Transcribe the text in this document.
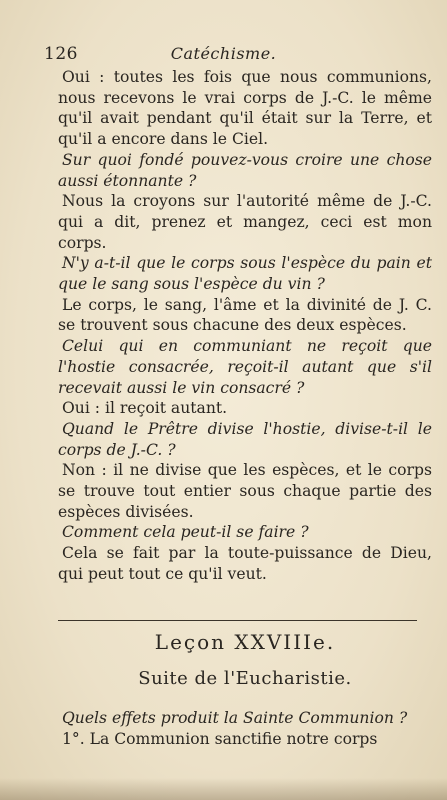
126	Catéchisme.

Oui : toutes les fois que nous communions, nous recevons le vrai corps de J.-C. le même qu'il avait pendant qu'il était sur la Terre, et qu'il a encore dans le Ciel.

Sur quoi fondé pouvez-vous croire une chose aussi étonnante ?

Nous la croyons sur l'autorité même de J.-C. qui a dit, prenez et mangez, ceci est mon corps.

N'y a-t-il que le corps sous l'espèce du pain et que le sang sous l'espèce du vin ?

Le corps, le sang, l'âme et la divinité de J. C. se trouvent sous chacune des deux espèces.

Celui qui en communiant ne reçoit que l'hostie consacrée, reçoit-il autant que s'il recevait aussi le vin consacré ?

Oui : il reçoit autant.

Quand le Prêtre divise l'hostie, divise-t-il le corps de J.-C. ?

Non : il ne divise que les espèces, et le corps se trouve tout entier sous chaque partie des espèces divisées.

Comment cela peut-il se faire ?

Cela se fait par la toute-puissance de Dieu, qui peut tout ce qu'il veut.

Leçon XXVIIIe.
Suite de l'Eucharistie.

Quels effets produit la Sainte Communion ?

1°. La Communion sanctifie notre corps
